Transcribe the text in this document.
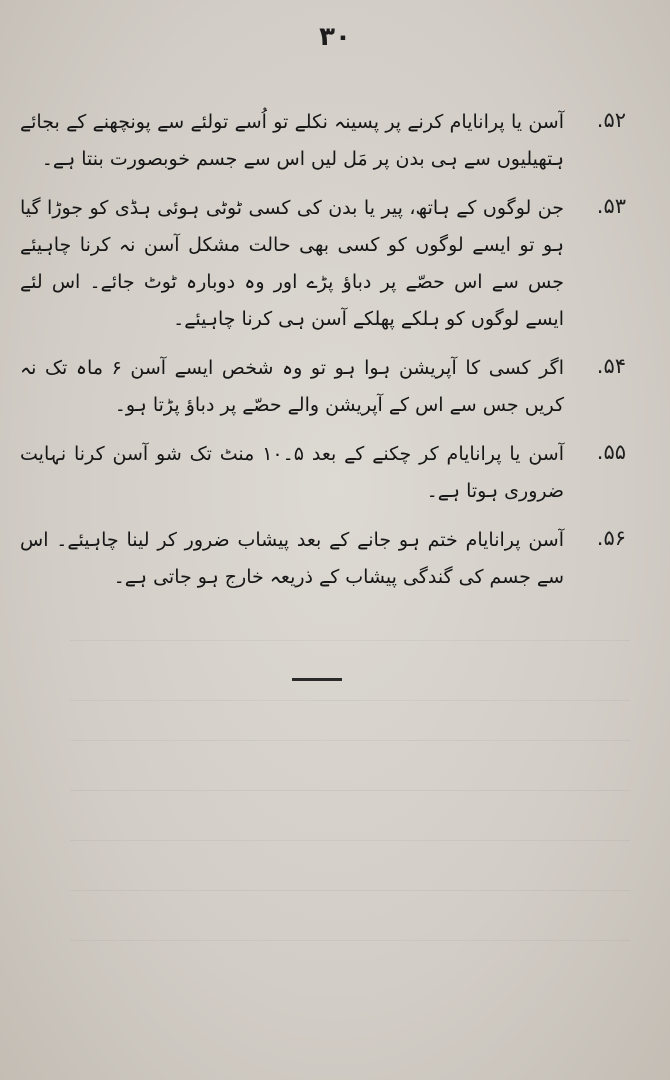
۳۰
.۵۲
آسن یا پرانایام کرنے پر پسینہ نکلے تو اُسے تولئے سے پونچھنے کے بجائے ہتھیلیوں سے ہی بدن پر مَل لیں اس سے جسم خوبصورت بنتا ہے۔
.۵۳
جن لوگوں کے ہاتھ، پیر یا بدن کی کسی ٹوٹی ہوئی ہڈی کو جوڑا گیا ہو تو ایسے لوگوں کو کسی بھی حالت مشکل آسن نہ کرنا چاہیئے جس سے اس حصّے پر دباؤ پڑے اور وہ دوبارہ ٹوٹ جائے۔ اس لئے ایسے لوگوں کو ہلکے پھلکے آسن ہی کرنا چاہیئے۔
.۵۴
اگر کسی کا آپریشن ہوا ہو تو وہ شخص ایسے آسن ۶ ماہ تک نہ کریں جس سے اس کے آپریشن والے حصّے پر دباؤ پڑتا ہو۔
.۵۵
آسن یا پرانایام کر چکنے کے بعد ۵۔۱۰ منٹ تک شو آسن کرنا نہایت ضروری ہوتا ہے۔
.۵۶
آسن پرانایام ختم ہو جانے کے بعد پیشاب ضرور کر لینا چاہیئے۔ اس سے جسم کی گندگی پیشاب کے ذریعہ خارج ہو جاتی ہے۔
